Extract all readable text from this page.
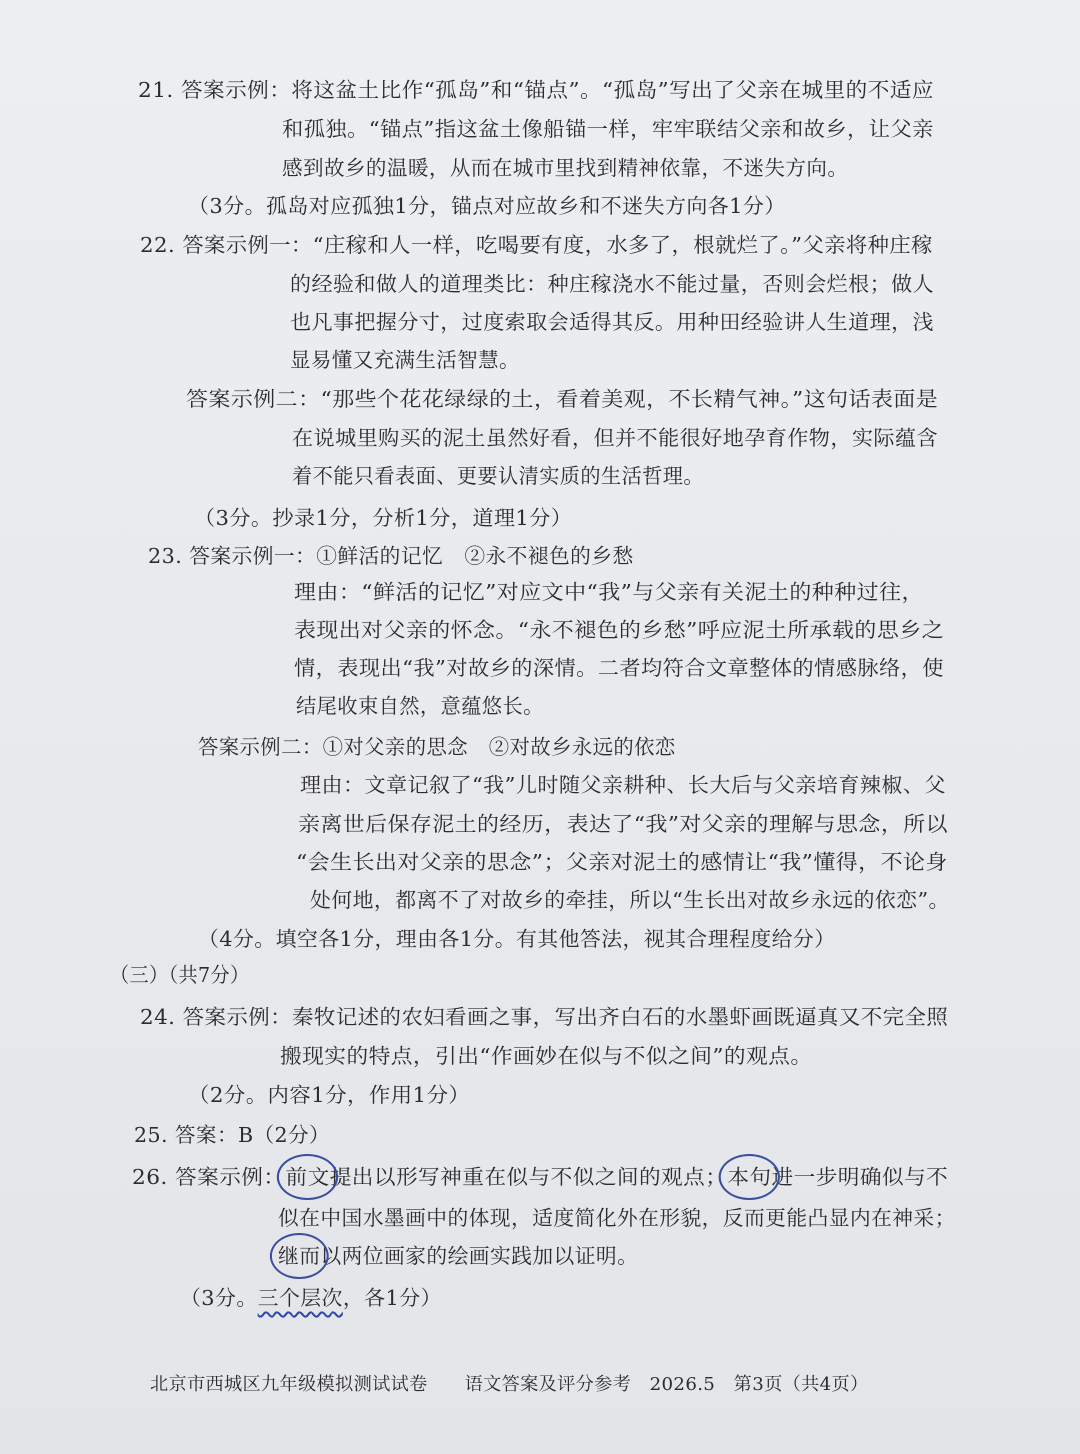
21. 答案示例：将这盆土比作“孤岛”和“锚点”。“孤岛”写出了父亲在城里的不适应
和孤独。“锚点”指这盆土像船锚一样，牢牢联结父亲和故乡，让父亲
感到故乡的温暖，从而在城市里找到精神依靠，不迷失方向。
（3分。孤岛对应孤独1分，锚点对应故乡和不迷失方向各1分）
22. 答案示例一：“庄稼和人一样，吃喝要有度，水多了，根就烂了。”父亲将种庄稼
的经验和做人的道理类比：种庄稼浇水不能过量，否则会烂根；做人
也凡事把握分寸，过度索取会适得其反。用种田经验讲人生道理，浅
显易懂又充满生活智慧。
答案示例二：“那些个花花绿绿的土，看着美观，不长精气神。”这句话表面是
在说城里购买的泥土虽然好看，但并不能很好地孕育作物，实际蕴含
着不能只看表面、更要认清实质的生活哲理。
（3分。抄录1分，分析1分，道理1分）
23. 答案示例一：①鲜活的记忆　②永不褪色的乡愁
理由：“鲜活的记忆”对应文中“我”与父亲有关泥土的种种过往，
表现出对父亲的怀念。“永不褪色的乡愁”呼应泥土所承载的思乡之
情，表现出“我”对故乡的深情。二者均符合文章整体的情感脉络，使
结尾收束自然，意蕴悠长。
答案示例二：①对父亲的思念　②对故乡永远的依恋
理由：文章记叙了“我”儿时随父亲耕种、长大后与父亲培育辣椒、父
亲离世后保存泥土的经历，表达了“我”对父亲的理解与思念，所以
“会生长出对父亲的思念”；父亲对泥土的感情让“我”懂得，不论身
处何地，都离不了对故乡的牵挂，所以“生长出对故乡永远的依恋”。
（4分。填空各1分，理由各1分。有其他答法，视其合理程度给分）
（三）（共7分）
24. 答案示例：秦牧记述的农妇看画之事，写出齐白石的水墨虾画既逼真又不完全照
搬现实的特点，引出“作画妙在似与不似之间”的观点。
（2分。内容1分，作用1分）
25. 答案：B（2分）
26. 答案示例：前文提出以形写神重在似与不似之间的观点；本句进一步明确似与不
似在中国水墨画中的体现，适度简化外在形貌，反而更能凸显内在神采；
继而以两位画家的绘画实践加以证明。
（3分。三个层次，各1分）
北京市西城区九年级模拟测试试卷　　语文答案及评分参考　2026.5　第3页（共4页）
